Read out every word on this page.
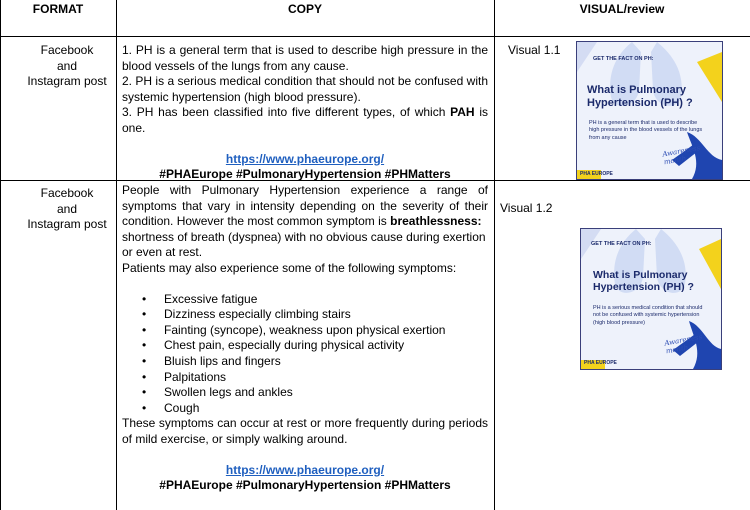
FORMAT	COPY	VISUAL/review
Facebook
and
Instagram post

1. PH is a general term that is used to describe high pressure in the blood vessels of the lungs from any cause.

2. PH is a serious medical condition that should not be confused with systemic hypertension (high blood pressure).

3. PH has been classified into five different types, of which PAH is one.

https://www.phaeurope.org/

#PHAEurope #PulmonaryHypertension #PHMatters

Visual 1.1
GET THE FACT ON PH:
What is Pulmonary Hypertension (PH) ?
PH is a general term that is used to describe high pressure in the blood vessels of the lungs from any cause
Awareness month
PHA EUROPE
Facebook
and
Instagram post

People with Pulmonary Hypertension experience a range of symptoms that vary in intensity depending on the severity of their condition. However the most common symptom is breathlessness:

shortness of breath (dyspnea) with no obvious cause during exertion or even at rest.

Patients may also experience some of the following symptoms:

• Excessive fatigue
• Dizziness especially climbing stairs
• Fainting (syncope), weakness upon physical exertion
• Chest pain, especially during physical activity
• Bluish lips and fingers
• Palpitations
• Swollen legs and ankles
• Cough

These symptoms can occur at rest or more frequently during periods of mild exercise, or simply walking around.

https://www.phaeurope.org/

#PHAEurope #PulmonaryHypertension #PHMatters

Visual 1.2
GET THE FACT ON PH:
What is Pulmonary Hypertension (PH) ?
PH is a serious medical condition that should not be confused with systemic hypertension (high blood pressure)
Awareness month
PHA EUROPE
